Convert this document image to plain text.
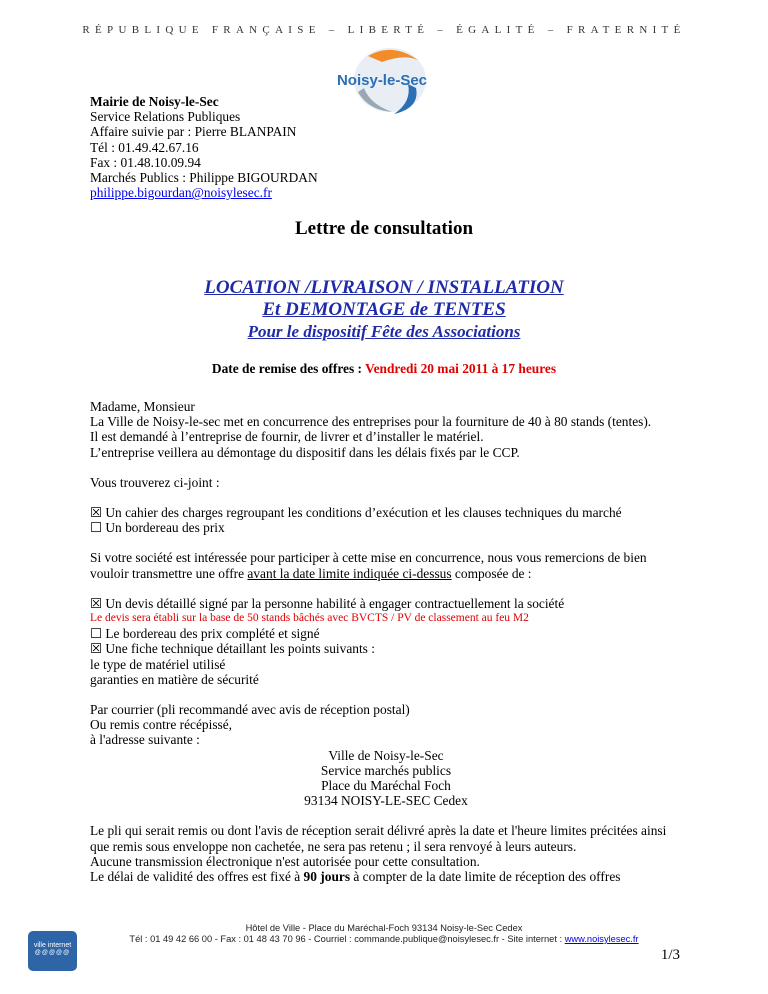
RÉPUBLIQUE FRANÇAISE – LIBERTÉ – ÉGALITÉ – FRATERNITÉ
Noisy-le-Sec
Mairie de Noisy-le-Sec
Service Relations Publiques
Affaire suivie par : Pierre BLANPAIN
Tél : 01.49.42.67.16
Fax : 01.48.10.09.94
Marchés Publics : Philippe BIGOURDAN
philippe.bigourdan@noisylesec.fr
Lettre de consultation
LOCATION /LIVRAISON / INSTALLATION
Et DEMONTAGE de TENTES
Pour le dispositif Fête des Associations
Date de remise des offres : Vendredi 20 mai 2011 à 17 heures

Madame, Monsieur

La Ville de Noisy-le-sec met en concurrence des entreprises pour la fourniture de 40 à 80 stands (tentes).

Il est demandé à l’entreprise de fournir, de livrer et d’installer le matériel.

L’entreprise veillera au démontage du dispositif dans les délais fixés par le CCP.

Vous trouverez ci-joint :

☒ Un cahier des charges regroupant les conditions d’exécution et les clauses techniques du marché

☐ Un bordereau des prix

Si votre société est intéressée pour participer à cette mise en concurrence, nous vous remercions de bien vouloir transmettre une offre avant la date limite indiquée ci-dessus composée de :

☒ Un devis détaillé signé par la personne habilité à engager contractuellement la société

Le devis sera établi sur la base de 50 stands bâchés avec BVCTS / PV de classement au feu M2

☐ Le bordereau des prix complété et signé

☒ Une fiche technique détaillant les points suivants :

le type de matériel utilisé

garanties en matière de sécurité

Par courrier (pli recommandé avec avis de réception postal)

Ou remis contre récépissé,

à l'adresse suivante :

Ville de Noisy-le-Sec

Service marchés publics

Place du Maréchal Foch

93134 NOISY-LE-SEC Cedex

Le pli qui serait remis ou dont l'avis de réception serait délivré après la date et l'heure limites précitées ainsi que remis sous enveloppe non cachetée, ne sera pas retenu ; il sera renvoyé à leurs auteurs.

Aucune transmission électronique n'est autorisée pour cette consultation.

Le délai de validité des offres est fixé à 90 jours à compter de la date limite de réception des offres

Hôtel de Ville - Place du Maréchal-Foch 93134 Noisy-le-Sec Cedex
Tél : 01 49 42 66 00 - Fax : 01 48 43 70 96 - Courriel : commande.publique@noisylesec.fr - Site internet : www.noisylesec.fr
ville internet
@@@@@	1/3
